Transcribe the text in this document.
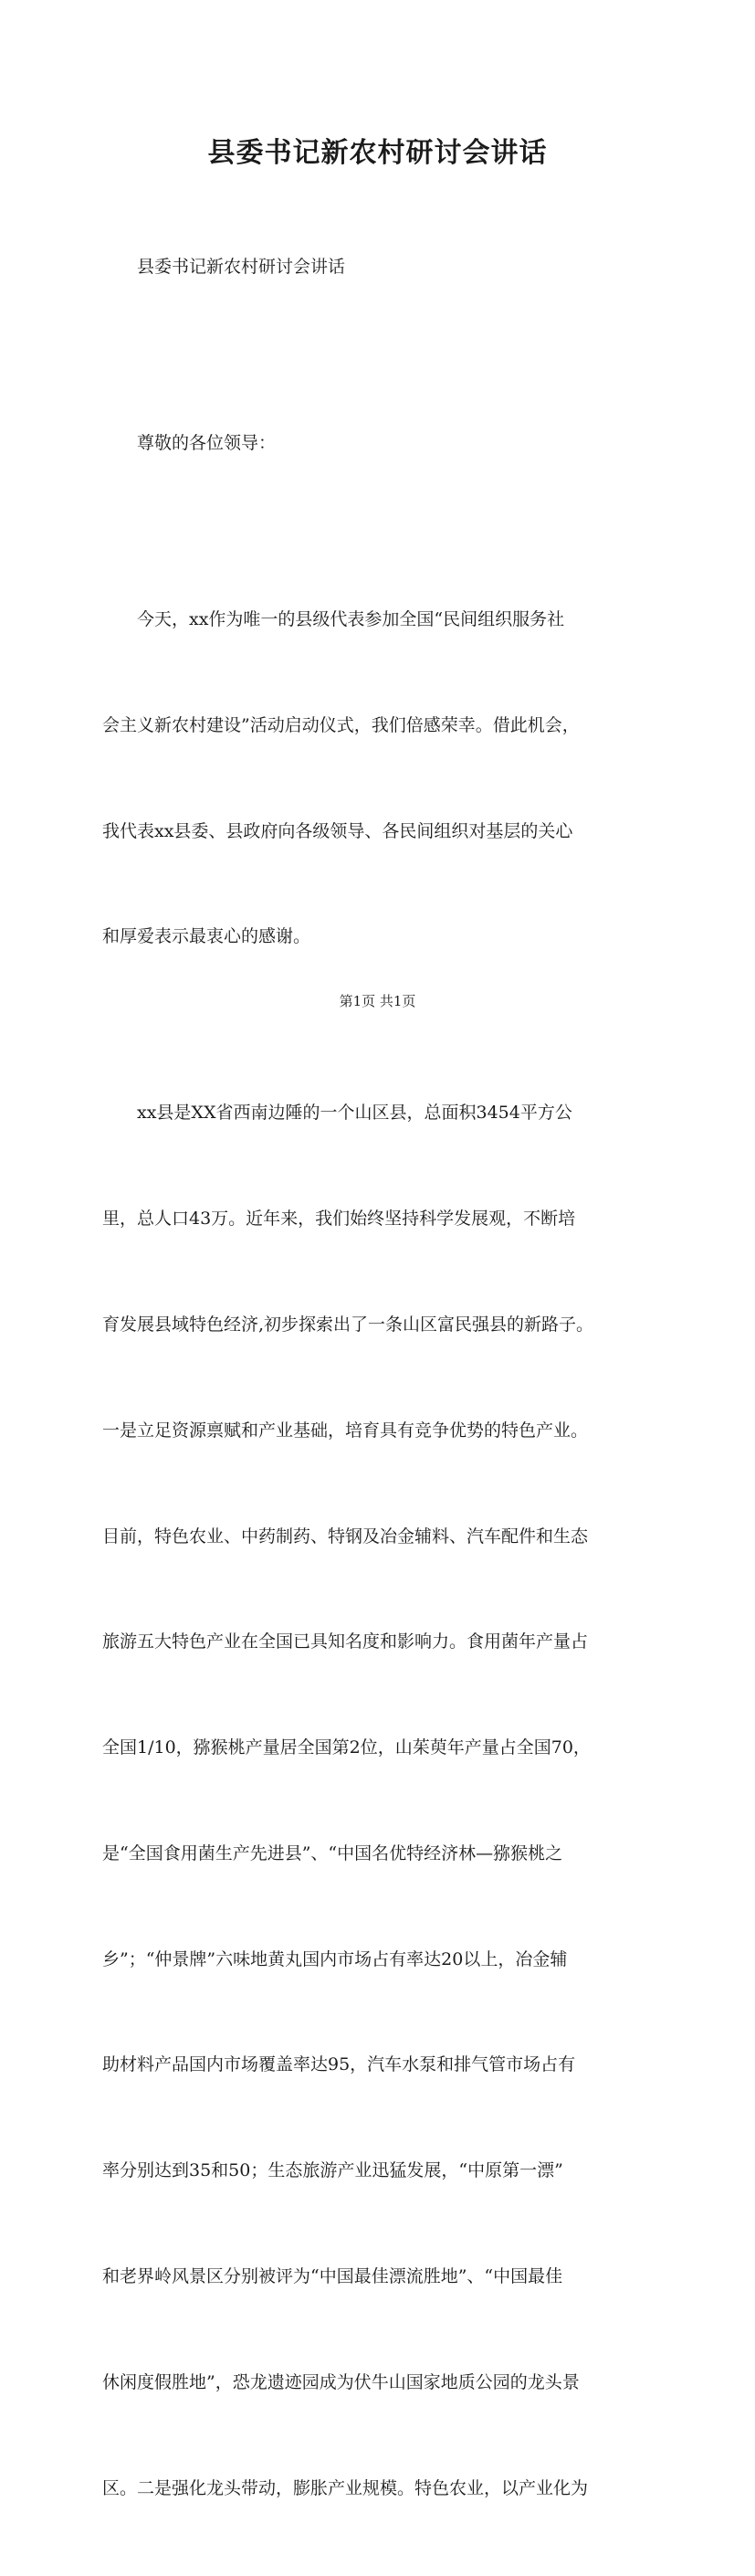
县委书记新农村研讨会讲话

县委书记新农村研讨会讲话

尊敬的各位领导：

今天，xx作为唯一的县级代表参加全国“民间组织服务社

会主义新农村建设”活动启动仪式，我们倍感荣幸。借此机会，

我代表xx县委、县政府向各级领导、各民间组织对基层的关心

和厚爱表示最衷心的感谢。

xx县是XX省西南边陲的一个山区县，总面积3454平方公

里，总人口43万。近年来，我们始终坚持科学发展观，不断培

育发展县域特色经济,初步探索出了一条山区富民强县的新路子。

一是立足资源禀赋和产业基础，培育具有竞争优势的特色产业。

目前，特色农业、中药制药、特钢及冶金辅料、汽车配件和生态

旅游五大特色产业在全国已具知名度和影响力。食用菌年产量占

全国1/10，猕猴桃产量居全国第2位，山茱萸年产量占全国70，

是“全国食用菌生产先进县”、“中国名优特经济林—猕猴桃之

乡”；“仲景牌”六味地黄丸国内市场占有率达20以上，冶金辅

助材料产品国内市场覆盖率达95，汽车水泵和排气管市场占有

率分别达到35和50；生态旅游产业迅猛发展，“中原第一漂”

和老界岭风景区分别被评为“中国最佳漂流胜地”、“中国最佳

休闲度假胜地”，恐龙遗迹园成为伏牛山国家地质公园的龙头景

区。二是强化龙头带动，膨胀产业规模。特色农业，以产业化为

第1页 共1页
